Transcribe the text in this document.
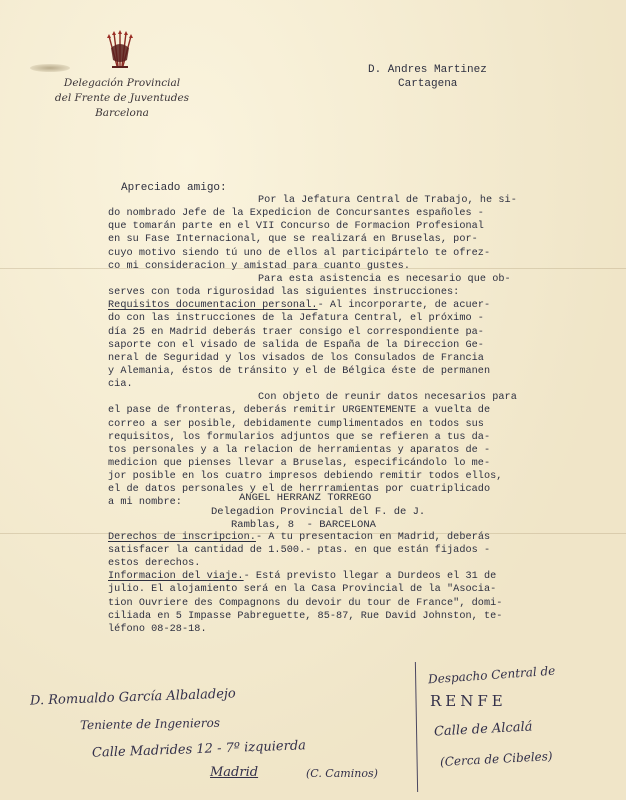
Delegación Provincial
del Frente de Juventudes
Barcelona
D. Andres Martinez
Cartagena
Apreciado amigo:
Por la Jefatura Central de Trabajo, he si-
do nombrado Jefe de la Expedicion de Concursantes españoles -
que tomarán parte en el VII Concurso de Formacion Profesional
en su Fase Internacional, que se realizará en Bruselas, por-
cuyo motivo siendo tú uno de ellos al participártelo te ofrez-
co mi consideracion y amistad para cuanto gustes.
Para esta asistencia es necesario que ob-
serves con toda rigurosidad las siguientes instrucciones:
Requisitos documentacion personal.- Al incorporarte, de acuer-
do con las instrucciones de la Jefatura Central, el próximo -
día 25 en Madrid deberás traer consigo el correspondiente pa-
saporte con el visado de salida de España de la Direccion Ge-
neral de Seguridad y los visados de los Consulados de Francia
y Alemania, éstos de tránsito y el de Bélgica éste de permanen
cia.
Con objeto de reunir datos necesarios para
el pase de fronteras, deberás remitir URGENTEMENTE a vuelta de
correo a ser posible, debidamente cumplimentados en todos sus
requisitos, los formularios adjuntos que se refieren a tus da-
tos personales y a la relacion de herramientas y aparatos de -
medicion que pienses llevar a Bruselas, especificándolo lo me-
jor posible en los cuatro impresos debiendo remitir todos ellos,
el de datos personales y el de herrramientas por cuatriplicado
a mi nombre:	ANGEL HERRANZ TORREGO
Delegadion Provincial del F. de J.
Ramblas, 8  - BARCELONA
Derechos de inscripcion.- A tu presentacion en Madrid, deberás
satisfacer la cantidad de 1.500.- ptas. en que están fijados -
estos derechos.
Informacion del viaje.- Está previsto llegar a Durdeos el 31 de
julio. El alojamiento será en la Casa Provincial de la "Asocia-
tion Ouvriere des Compagnons du devoir du tour de France", domi-
ciliada en 5 Impasse Pabreguette, 85-87, Rue David Johnston, te-
léfono 08-28-18.
D. Romualdo García Albaladejo
Teniente de Ingenieros
Calle Madrides 12 - 7º izquierda
Madrid	(C. Caminos)
Despacho Central de
RENFE
Calle de Alcalá
(Cerca de Cibeles)
